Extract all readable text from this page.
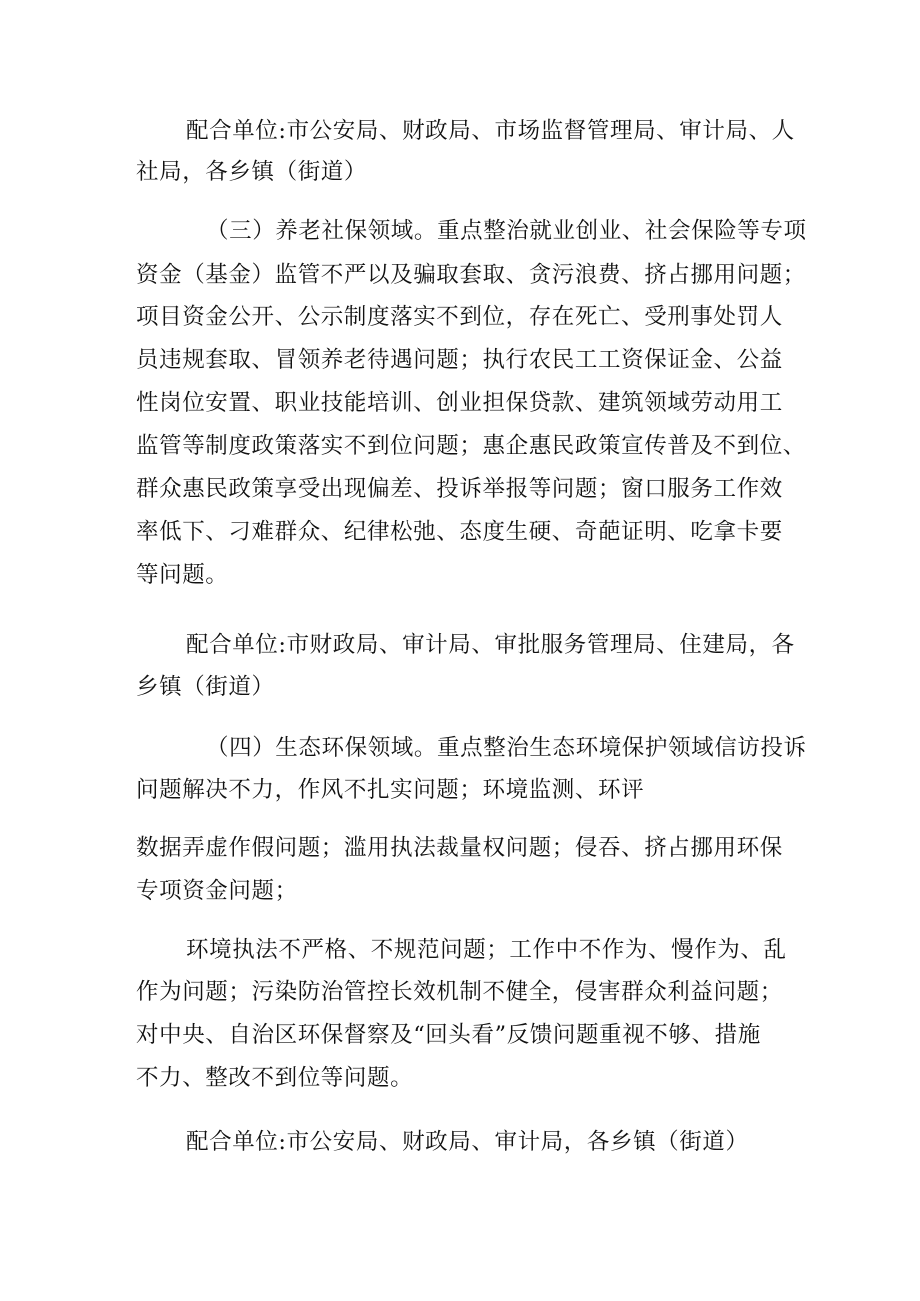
配合单位:市公安局、财政局、市场监督管理局、审计局、人
社局，各乡镇（街道）
（三）养老社保领域。重点整治就业创业、社会保险等专项
资金（基金）监管不严以及骗取套取、贪污浪费、挤占挪用问题；
项目资金公开、公示制度落实不到位，存在死亡、受刑事处罚人
员违规套取、冒领养老待遇问题；执行农民工工资保证金、公益
性岗位安置、职业技能培训、创业担保贷款、建筑领域劳动用工
监管等制度政策落实不到位问题；惠企惠民政策宣传普及不到位、
群众惠民政策享受出现偏差、投诉举报等问题；窗口服务工作效
率低下、刁难群众、纪律松弛、态度生硬、奇葩证明、吃拿卡要
等问题。
配合单位:市财政局、审计局、审批服务管理局、住建局，各
乡镇（街道）
（四）生态环保领域。重点整治生态环境保护领域信访投诉
问题解决不力，作风不扎实问题；环境监测、环评
数据弄虚作假问题；滥用执法裁量权问题；侵吞、挤占挪用环保
专项资金问题；
环境执法不严格、不规范问题；工作中不作为、慢作为、乱
作为问题；污染防治管控长效机制不健全，侵害群众利益问题；
对中央、自治区环保督察及“回头看”反馈问题重视不够、措施
不力、整改不到位等问题。
配合单位:市公安局、财政局、审计局，各乡镇（街道）
